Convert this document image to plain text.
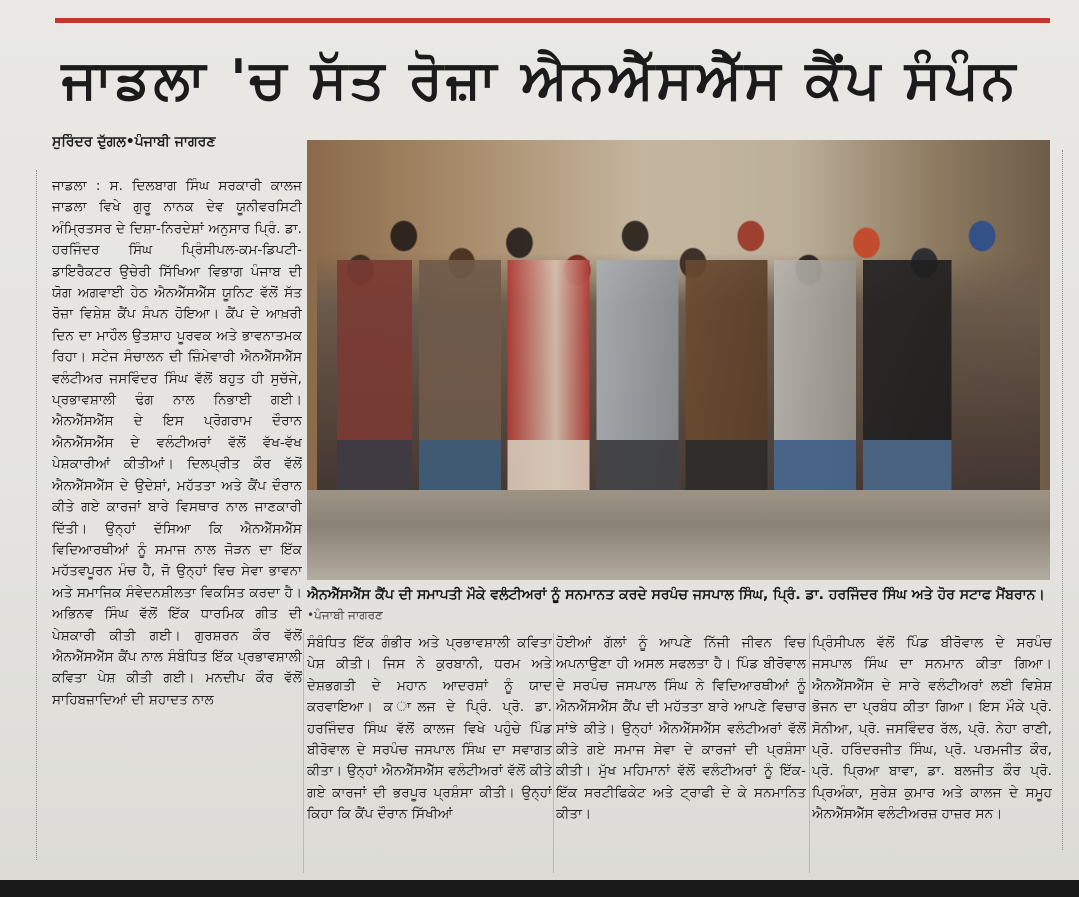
ਜਾਡਲਾ 'ਚ ਸੱਤ ਰੋਜ਼ਾ ਐਨਐੱਸਐੱਸ ਕੈਂਪ ਸੰਪੰਨ
ਸੁਰਿੰਦਰ ਦੁੱਗਲ•ਪੰਜਾਬੀ ਜਾਗਰਣ
ਐਨਐੱਸਐੱਸ ਕੈਂਪ ਦੀ ਸਮਾਪਤੀ ਮੌਕੇ ਵਲੰਟੀਅਰਾਂ ਨੂੰ ਸਨਮਾਨਤ ਕਰਦੇ ਸਰਪੰਚ ਜਸਪਾਲ ਸਿੰਘ, ਪ੍ਰਿੰ. ਡਾ. ਹਰਜਿੰਦਰ ਸਿੰਘ ਅਤੇ ਹੋਰ ਸਟਾਫ ਮੈਂਬਰਾਨ। •ਪੰਜਾਬੀ ਜਾਗਰਣ

ਜਾਡਲਾ : ਸ. ਦਿਲਬਾਗ ਸਿੰਘ ਸਰਕਾਰੀ ਕਾਲਜ ਜਾਡਲਾ ਵਿਖੇ ਗੁਰੂ ਨਾਨਕ ਦੇਵ ਯੂਨੀਵਰਸਿਟੀ ਅੰਮ੍ਰਿਤਸਰ ਦੇ ਦਿਸ਼ਾ-ਨਿਰਦੇਸ਼ਾਂ ਅਨੁਸਾਰ ਪ੍ਰਿੰ. ਡਾ. ਹਰਜਿੰਦਰ ਸਿੰਘ ਪ੍ਰਿੰਸੀਪਲ-ਕਮ-ਡਿਪਟੀ-ਡਾਇਰੈਕਟਰ ਉਚੇਰੀ ਸਿੱਖਿਆ ਵਿਭਾਗ ਪੰਜਾਬ ਦੀ ਯੋਗ ਅਗਵਾਈ ਹੇਠ ਐਨਐੱਸਐੱਸ ਯੂਨਿਟ ਵੱਲੋਂ ਸੱਤ ਰੋਜ਼ਾ ਵਿਸ਼ੇਸ਼ ਕੈਂਪ ਸੰਪਨ ਹੋਇਆ। ਕੈਂਪ ਦੇ ਆਖ਼ਰੀ ਦਿਨ ਦਾ ਮਾਹੌਲ ਉਤਸ਼ਾਹ ਪੂਰਵਕ ਅਤੇ ਭਾਵਨਾਤਮਕ ਰਿਹਾ। ਸਟੇਜ ਸੰਚਾਲਨ ਦੀ ਜ਼ਿੰਮੇਵਾਰੀ ਐਨਐੱਸਐੱਸ ਵਲੰਟੀਅਰ ਜਸਵਿੰਦਰ ਸਿੰਘ ਵੱਲੋਂ ਬਹੁਤ ਹੀ ਸੁਚੱਜੇ, ਪ੍ਰਭਾਵਸ਼ਾਲੀ ਢੰਗ ਨਾਲ ਨਿਭਾਈ ਗਈ। ਐਨਐੱਸਐੱਸ ਦੇ ਇਸ ਪ੍ਰੋਗਰਾਮ ਦੌਰਾਨ ਐਨਐੱਸਐੱਸ ਦੇ ਵਲੰਟੀਅਰਾਂ ਵੱਲੋਂ ਵੱਖ-ਵੱਖ ਪੇਸ਼ਕਾਰੀਆਂ ਕੀਤੀਆਂ। ਦਿਲਪ੍ਰੀਤ ਕੌਰ ਵੱਲੋਂ ਐਨਐੱਸਐੱਸ ਦੇ ਉਦੇਸ਼ਾਂ, ਮਹੱਤਤਾ ਅਤੇ ਕੈਂਪ ਦੌਰਾਨ ਕੀਤੇ ਗਏ ਕਾਰਜਾਂ ਬਾਰੇ ਵਿਸਥਾਰ ਨਾਲ ਜਾਣਕਾਰੀ ਦਿੱਤੀ। ਉਨ੍ਹਾਂ ਦੱਸਿਆ ਕਿ ਐਨਐੱਸਐੱਸ ਵਿਦਿਆਰਥੀਆਂ ਨੂੰ ਸਮਾਜ ਨਾਲ ਜੋੜਨ ਦਾ ਇੱਕ ਮਹੱਤਵਪੂਰਨ ਮੰਚ ਹੈ, ਜੋ ਉਨ੍ਹਾਂ ਵਿਚ ਸੇਵਾ ਭਾਵਨਾ ਅਤੇ ਸਮਾਜਿਕ ਸੰਵੇਦਨਸ਼ੀਲਤਾ ਵਿਕਸਿਤ ਕਰਦਾ ਹੈ। ਅਭਿਨਵ ਸਿੰਘ ਵੱਲੋਂ ਇੱਕ ਧਾਰਮਿਕ ਗੀਤ ਦੀ ਪੇਸ਼ਕਾਰੀ ਕੀਤੀ ਗਈ। ਗੁਰਸ਼ਰਨ ਕੌਰ ਵੱਲੋਂ ਐਨਐੱਸਐੱਸ ਕੈਂਪ ਨਾਲ ਸੰਬੰਧਿਤ ਇੱਕ ਪ੍ਰਭਾਵਸ਼ਾਲੀ ਕਵਿਤਾ ਪੇਸ਼ ਕੀਤੀ ਗਈ। ਮਨਦੀਪ ਕੌਰ ਵੱਲੋਂ ਸਾਹਿਬਜ਼ਾਦਿਆਂ ਦੀ ਸ਼ਹਾਦਤ ਨਾਲ

ਸੰਬੰਧਿਤ ਇੱਕ ਗੰਭੀਰ ਅਤੇ ਪ੍ਰਭਾਵਸ਼ਾਲੀ ਕਵਿਤਾ ਪੇਸ਼ ਕੀਤੀ। ਜਿਸ ਨੇ ਕੁਰਬਾਨੀ, ਧਰਮ ਅਤੇ ਦੇਸ਼ਭਗਤੀ ਦੇ ਮਹਾਨ ਆਦਰਸ਼ਾਂ ਨੂੰ ਯਾਦ ਕਰਵਾਇਆ। ਕ ਾਲਜ ਦੇ ਪ੍ਰਿੰ. ਪ੍ਰੋ. ਡਾ. ਹਰਜਿੰਦਰ ਸਿੰਘ ਵੱਲੋਂ ਕਾਲਜ ਵਿਖੇ ਪਹੁੰਚੇ ਪਿੰਡ ਬੀਰੋਵਾਲ ਦੇ ਸਰਪੰਚ ਜਸਪਾਲ ਸਿੰਘ ਦਾ ਸਵਾਗਤ ਕੀਤਾ। ਉਨ੍ਹਾਂ ਐਨਐੱਸਐੱਸ ਵਲੰਟੀਅਰਾਂ ਵੱਲੋਂ ਕੀਤੇ ਗਏ ਕਾਰਜਾਂ ਦੀ ਭਰਪੂਰ ਪ੍ਰਸ਼ੰਸਾ ਕੀਤੀ। ਉਨ੍ਹਾਂ ਕਿਹਾ ਕਿ ਕੈਂਪ ਦੌਰਾਨ ਸਿੱਖੀਆਂ

ਹੋਈਆਂ ਗੱਲਾਂ ਨੂੰ ਆਪਣੇ ਨਿੱਜੀ ਜੀਵਨ ਵਿਚ ਅਪਨਾਉਣਾ ਹੀ ਅਸਲ ਸਫਲਤਾ ਹੈ। ਪਿੰਡ ਬੀਰੋਵਾਲ ਦੇ ਸਰਪੰਚ ਜਸਪਾਲ ਸਿੰਘ ਨੇ ਵਿਦਿਆਰਥੀਆਂ ਨੂੰ ਐਨਐੱਸਐੱਸ ਕੈਂਪ ਦੀ ਮਹੱਤਤਾ ਬਾਰੇ ਆਪਣੇ ਵਿਚਾਰ ਸਾਂਝੇ ਕੀਤੇ। ਉਨ੍ਹਾਂ ਐਨਐੱਸਐੱਸ ਵਲੰਟੀਅਰਾਂ ਵੱਲੋਂ ਕੀਤੇ ਗਏ ਸਮਾਜ ਸੇਵਾ ਦੇ ਕਾਰਜਾਂ ਦੀ ਪ੍ਰਸ਼ੰਸਾ ਕੀਤੀ। ਮੁੱਖ ਮਹਿਮਾਨਾਂ ਵੱਲੋਂ ਵਲੰਟੀਅਰਾਂ ਨੂੰ ਇੱਕ-ਇੱਕ ਸਰਟੀਫਿਕੇਟ ਅਤੇ ਟ੍ਰਾਫੀ ਦੇ ਕੇ ਸਨਮਾਨਿਤ ਕੀਤਾ।

ਪ੍ਰਿੰਸੀਪਲ ਵੱਲੋਂ ਪਿੰਡ ਬੀਰੋਵਾਲ ਦੇ ਸਰਪੰਚ ਜਸਪਾਲ ਸਿੰਘ ਦਾ ਸਨਮਾਨ ਕੀਤਾ ਗਿਆ। ਐਨਐੱਸਐੱਸ ਦੇ ਸਾਰੇ ਵਲੰਟੀਅਰਾਂ ਲਈ ਵਿਸ਼ੇਸ਼ ਭੋਜਨ ਦਾ ਪ੍ਰਬੰਧ ਕੀਤਾ ਗਿਆ। ਇਸ ਮੌਕੇ ਪ੍ਰੋ. ਸੋਨੀਆ, ਪ੍ਰੋ. ਜਸਵਿੰਦਰ ਰੱਲ, ਪ੍ਰੋ. ਨੇਹਾ ਰਾਣੀ, ਪ੍ਰੋ. ਹਰਿੰਦਰਜੀਤ ਸਿੰਘ, ਪ੍ਰੋ. ਪਰਮਜੀਤ ਕੌਰ, ਪ੍ਰੋ. ਪ੍ਰਿਆ ਬਾਵਾ, ਡਾ. ਬਲਜੀਤ ਕੌਰ ਪ੍ਰੋ. ਪ੍ਰਿਅੰਕਾ, ਸੁਰੇਸ਼ ਕੁਮਾਰ ਅਤੇ ਕਾਲਜ ਦੇ ਸਮੂਹ ਐਨਐੱਸਐੱਸ ਵਲੰਟੀਅਰਜ਼ ਹਾਜ਼ਰ ਸਨ।
